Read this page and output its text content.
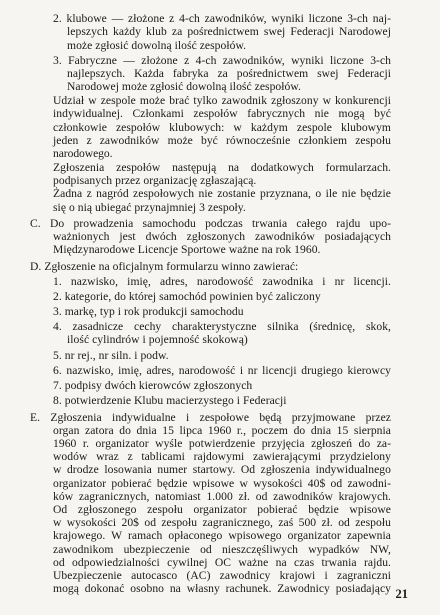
21
2. klubowe — złożone z 4-ch zawodników, wyniki liczone 3-ch naj-
lepszych każdy klub za pośrednictwem swej Federacji Narodowej
może zgłosić dowolną ilość zespołów.
3. Fabryczne — złożone z 4-ch zawodników, wyniki liczone 3-ch
najlepszych. Każda fabryka za pośrednictwem swej Federacji
Narodowej może zgłosić dowolną ilość zespołów.
Udział w zespole może brać tylko zawodnik zgłoszony w konkurencji
indywidualnej. Członkami zespołów fabrycznych nie mogą być
członkowie zespołów klubowych: w każdym zespole klubowym
jeden z zawodników może być równocześnie członkiem zespołu
narodowego.
Zgłoszenia zespołów następują na dodatkowych formularzach.
podpisanych przez organizację zgłaszającą.
Żadna z nagród zespołowych nie zostanie przyznana, o ile nie będzie
się o nią ubiegać przynajmniej 3 zespoły.
C. Do prowadzenia samochodu podczas trwania całego rajdu upo-
ważnionych jest dwóch zgłoszonych zawodników posiadających
Międzynarodowe Licencje Sportowe ważne na rok 1960.
D. Zgłoszenie na oficjalnym formularzu winno zawierać:
1. nazwisko, imię, adres, narodowość zawodnika i nr licencji.
2. kategorie, do której samochód powinien być zaliczony
3. markę, typ i rok produkcji samochodu
4. zasadnicze cechy charakterystyczne silnika (średnicę, skok,
ilość cylindrów i pojemność skokową)
5. nr rej., nr siln. i podw.
6. nazwisko, imię, adres, narodowość i nr licencji drugiego kierowcy
7. podpisy dwóch kierowców zgłoszonych
8. potwierdzenie Klubu macierzystego i Federacji
E. Zgłoszenia indywidualne i zespołowe będą przyjmowane przez
organ zatora do dnia 15 lipca 1960 r., poczem do dnia 15 sierpnia
1960 r. organizator wyśle potwierdzenie przyjęcia zgłoszeń do za-
wodów wraz z tablicami rajdowymi zawierającymi przydzielony
w drodze losowania numer startowy. Od zgłoszenia indywidualnego
organizator pobierać będzie wpisowe w wysokości 40$ od zawodni-
ków zagranicznych, natomiast 1.000 zł. od zawodników krajowych.
Od zgłoszonego zespołu organizator pobierać będzie wpisowe
w wysokości 20$ od zespołu zagranicznego, zaś 500 zł. od zespołu
krajowego. W ramach opłaconego wpisowego organizator zapewnia
zawodnikom ubezpieczenie od nieszczęśliwych wypadków NW,
od odpowiedzialności cywilnej OC ważne na czas trwania rajdu.
Ubezpieczenie autocasco (AC) zawodnicy krajowi i zagraniczni
mogą dokonać osobno na własny rachunek. Zawodnicy posiadający
